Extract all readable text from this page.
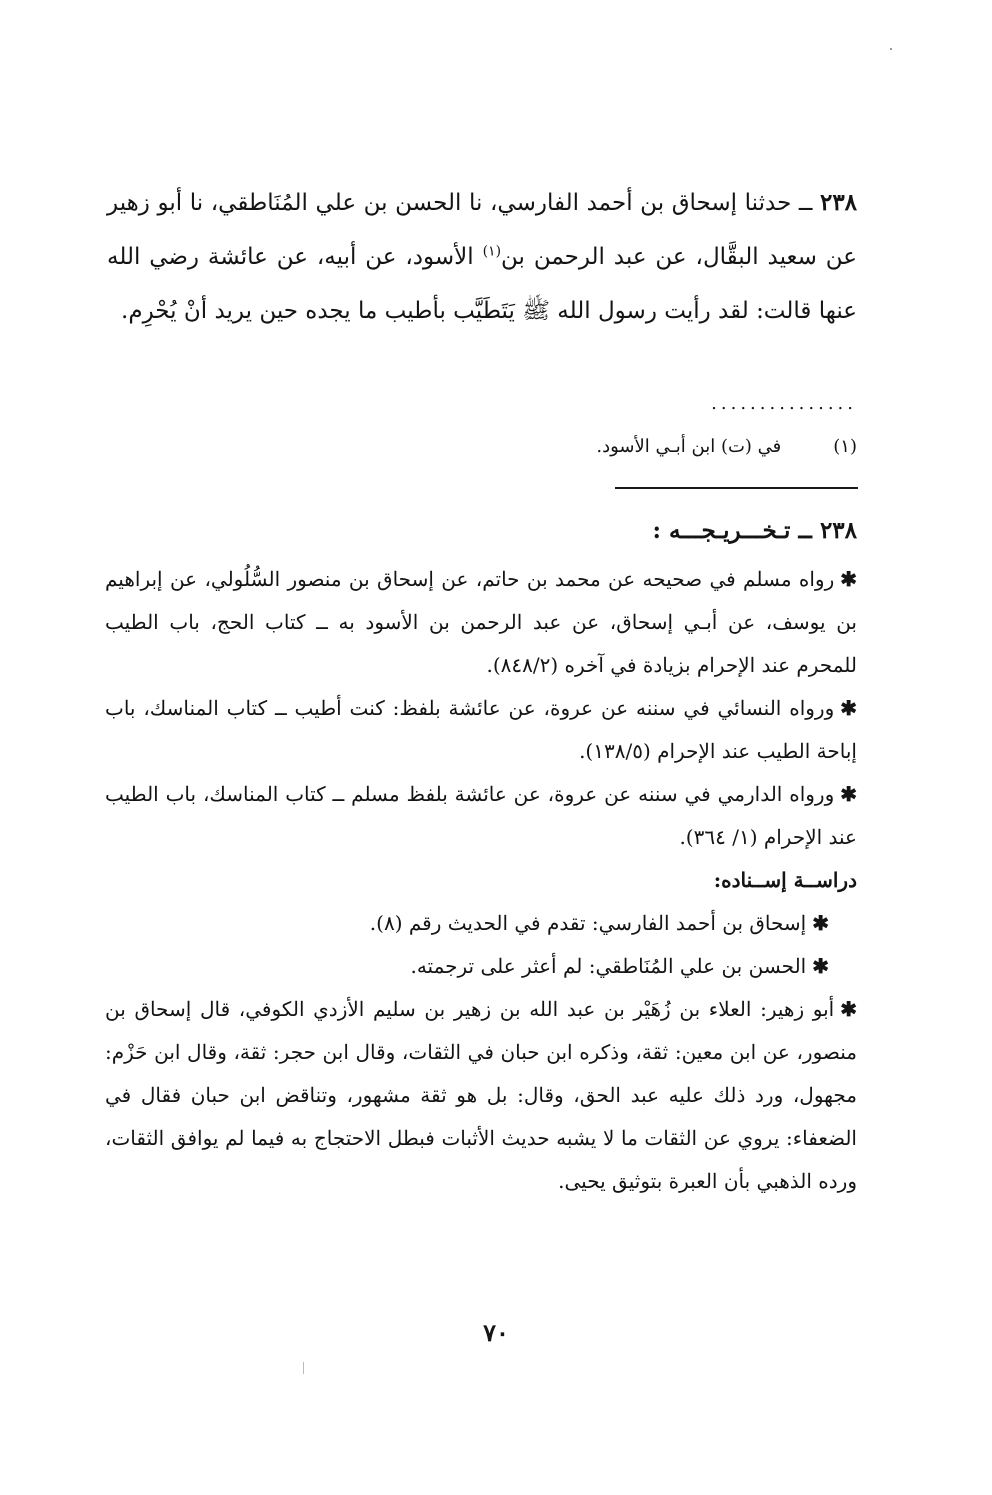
٢٣٨ ــ حدثنا إسحاق بن أحمد الفارسي، نا الحسن بن علي المُنَاطقي، نا أبو زهير عن سعيد البقَّال، عن عبد الرحمن بن$^{(١)}$ الأسود، عن أبيه، عن عائشة رضي الله عنها قالت: لقد رأيت رسول الله ﷺ يَتَطَيَّب بأطيب ما يجده حين يريد أنْ يُحْرِم.

...............
(١) في (ت) ابن أبـي الأسود.
٢٣٨ ــ تـخـــريـجـــه :

✱رواه مسلم في صحيحه عن محمد بن حاتم، عن إسحاق بن منصور السُّلُولي، عن إبراهيم بن يوسف، عن أبـي إسحاق، عن عبد الرحمن بن الأسود به ــ كتاب الحج، باب الطيب للمحرم عند الإحرام بزيادة في آخره (٨٤٨/٢).

✱ورواه النسائي في سننه عن عروة، عن عائشة بلفظ: كنت أطيب ــ كتاب المناسك، باب إباحة الطيب عند الإحرام (١٣٨/٥).

✱ورواه الدارمي في سننه عن عروة، عن عائشة بلفظ مسلم ــ كتاب المناسك، باب الطيب عند الإحرام (١/ ٣٦٤).

دراســة إســناده:

✱إسحاق بن أحمد الفارسي: تقدم في الحديث رقم (٨).

✱الحسن بن علي المُنَاطقي: لم أعثر على ترجمته.

✱أبو زهير: العلاء بن زُهَيْر بن عبد الله بن زهير بن سليم الأزدي الكوفي، قال إسحاق بن منصور، عن ابن معين: ثقة، وذكره ابن حبان في الثقات، وقال ابن حجر: ثقة، وقال ابن حَزْم: مجهول، ورد ذلك عليه عبد الحق، وقال: بل هو ثقة مشهور، وتناقض ابن حبان فقال في الضعفاء: يروي عن الثقات ما لا يشبه حديث الأثبات فبطل الاحتجاج به فيما لم يوافق الثقات، ورده الذهبي بأن العبرة بتوثيق يحيى.

٧٠
